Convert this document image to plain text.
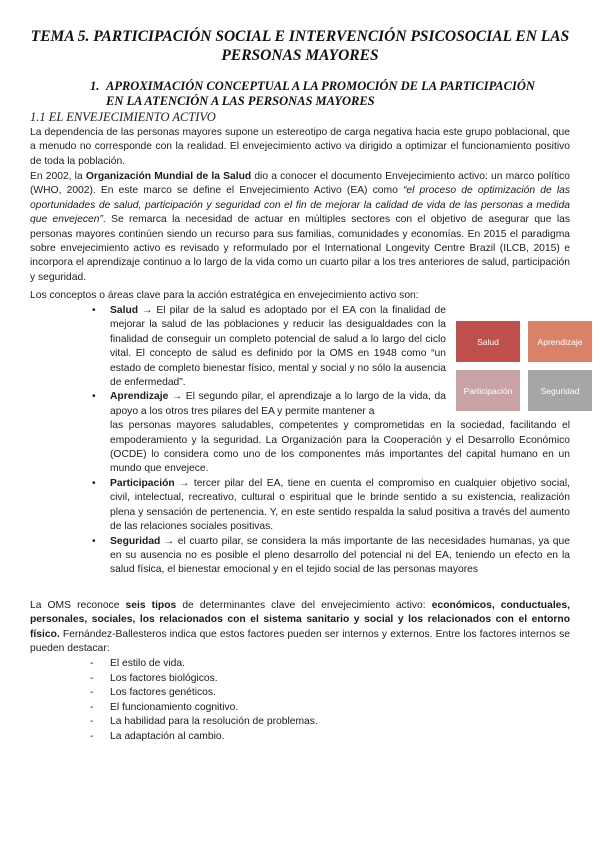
TEMA 5. PARTICIPACIÓN SOCIAL E INTERVENCIÓN PSICOSOCIAL EN LAS
PERSONAS MAYORES
1. APROXIMACIÓN CONCEPTUAL A LA PROMOCIÓN DE LA PARTICIPACIÓN
EN LA ATENCIÓN A LAS PERSONAS MAYORES
1.1 EL ENVEJECIMIENTO ACTIVO
La dependencia de las personas mayores supone un estereotipo de carga negativa hacia este grupo poblacional, que a menudo no corresponde con la realidad. El envejecimiento activo va dirigido a optimizar el funcionamiento positivo de toda la población.
En 2002, la Organización Mundial de la Salud dio a conocer el documento Envejecimiento activo: un marco político (WHO, 2002). En este marco se define el Envejecimiento Activo (EA) como “el proceso de optimización de las oportunidades de salud, participación y seguridad con el fin de mejorar la calidad de vida de las personas a medida que envejecen”. Se remarca la necesidad de actuar en múltiples sectores con el objetivo de asegurar que las personas mayores continúen siendo un recurso para sus familias, comunidades y economías. En 2015 el paradigma sobre envejecimiento activo es revisado y reformulado por el International Longevity Centre Brazil (ILCB, 2015) e incorpora el aprendizaje continuo a lo largo de la vida como un cuarto pilar a los tres anteriores de salud, participación y seguridad.
Los conceptos o áreas clave para la acción estratégica en envejecimiento activo son:
• Salud → El pilar de la salud es adoptado por el EA con la finalidad de mejorar la salud de las poblaciones y reducir las desigualdades con la finalidad de conseguir un completo potencial de salud a lo largo del ciclo vital. El concepto de salud es definido por la OMS en 1948 como “un estado de completo bienestar físico, mental y social y no sólo la ausencia de enfermedad”.
• Aprendizaje → El segundo pilar, el aprendizaje a lo largo de la vida, da apoyo a los otros tres pilares del EA y permite mantener a
las personas mayores saludables, competentes y comprometidas en la sociedad, facilitando el empoderamiento y la seguridad. La Organización para la Cooperación y el Desarrollo Económico (OCDE) lo considera como uno de los componentes más importantes del capital humano en un mundo que envejece.
• Participación → tercer pilar del EA, tiene en cuenta el compromiso en cualquier objetivo social, civil, intelectual, recreativo, cultural o espiritual que le brinde sentido a su existencia, realización plena y sensación de pertenencia. Y, en este sentido respalda la salud positiva a través del aumento de las relaciones sociales positivas.
• Seguridad → el cuarto pilar, se considera la más importante de las necesidades humanas, ya que en su ausencia no es posible el pleno desarrollo del potencial ni del EA, teniendo un efecto en la salud física, el bienestar emocional y en el tejido social de las personas mayores
Salud	Aprendizaje
Participación	Seguridad
La OMS reconoce seis tipos de determinantes clave del envejecimiento activo: económicos, conductuales, personales, sociales, los relacionados con el sistema sanitario y social y los relacionados con el entorno físico. Fernández-Ballesteros indica que estos factores pueden ser internos y externos. Entre los factores internos se pueden destacar:
- El estilo de vida.
- Los factores biológicos.
- Los factores genéticos.
- El funcionamiento cognitivo.
- La habilidad para la resolución de problemas.
- La adaptación al cambio.
